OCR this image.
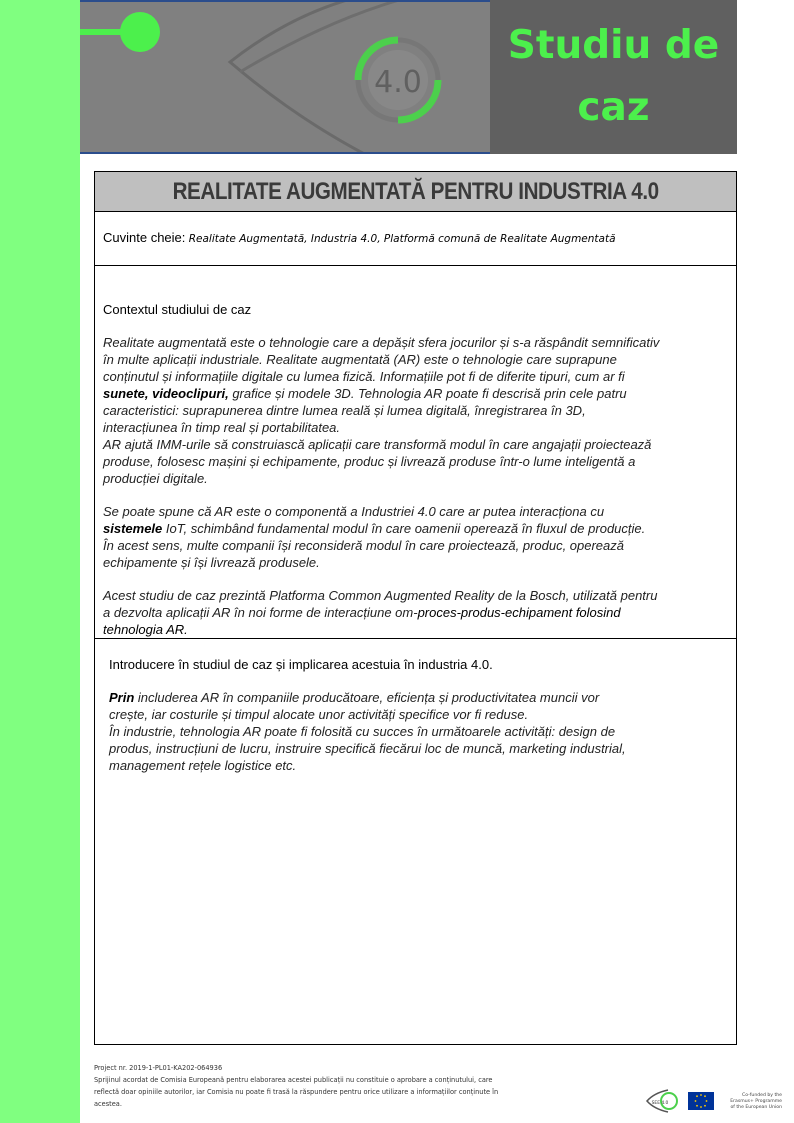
4.0
Studiu de
caz
REALITATE AUGMENTATĂ PENTRU INDUSTRIA 4.0
Cuvinte cheie: Realitate Augmentată, Industria 4.0, Platformă comună de Realitate Augmentată
Contextul studiului de caz
Realitate augmentată este o tehnologie care a depășit sfera jocurilor și s-a răspândit semnificativ
în multe aplicații industriale. Realitate augmentată (AR) este o tehnologie care suprapune
conținutul și informațiile digitale cu lumea fizică. Informațiile pot fi de diferite tipuri, cum ar fi
sunete, videoclipuri, grafice și modele 3D. Tehnologia AR poate fi descrisă prin cele patru
caracteristici: suprapunerea dintre lumea reală și lumea digitală, înregistrarea în 3D,
interacțiunea în timp real și portabilitatea.
AR ajută IMM-urile să construiască aplicații care transformă modul în care angajații proiectează
produse, folosesc mașini și echipamente, produc și livrează produse într-o lume inteligentă a
producției digitale.
Se poate spune că AR este o componentă a Industriei 4.0 care ar putea interacționa cu
sistemele IoT, schimbând fundamental modul în care oamenii operează în fluxul de producție.
În acest sens, multe companii își reconsideră modul în care proiectează, produc, operează
echipamente și își livrează produsele.
Acest studiu de caz prezintă Platforma Common Augmented Reality de la Bosch, utilizată pentru
a dezvolta aplicații AR în noi forme de interacțiune om-proces-produs-echipament folosind
tehnologia AR.
Introducere în studiul de caz și implicarea acestuia în industria 4.0.
Prin includerea AR în companiile producătoare, eficiența și productivitatea muncii vor
crește, iar costurile și timpul alocate unor activități specifice vor fi reduse.
În industrie, tehnologia AR poate fi folosită cu succes în următoarele activități: design de
produs, instrucțiuni de lucru, instruire specifică fiecărui loc de muncă, marketing industrial,
management rețele logistice etc.
Project nr. 2019-1-PL01-KA202-064936
Sprijinul acordat de Comisia Europeană pentru elaborarea acestei publicații nu constituie o aprobare a conținutului, care
reflectă doar opiniile autorilor, iar Comisia nu poate fi trasă la răspundere pentru orice utilizare a informațiilor conținute în
acestea.	SEE 4.0
Co-funded by the
Erasmus+ Programme
of the European Union
